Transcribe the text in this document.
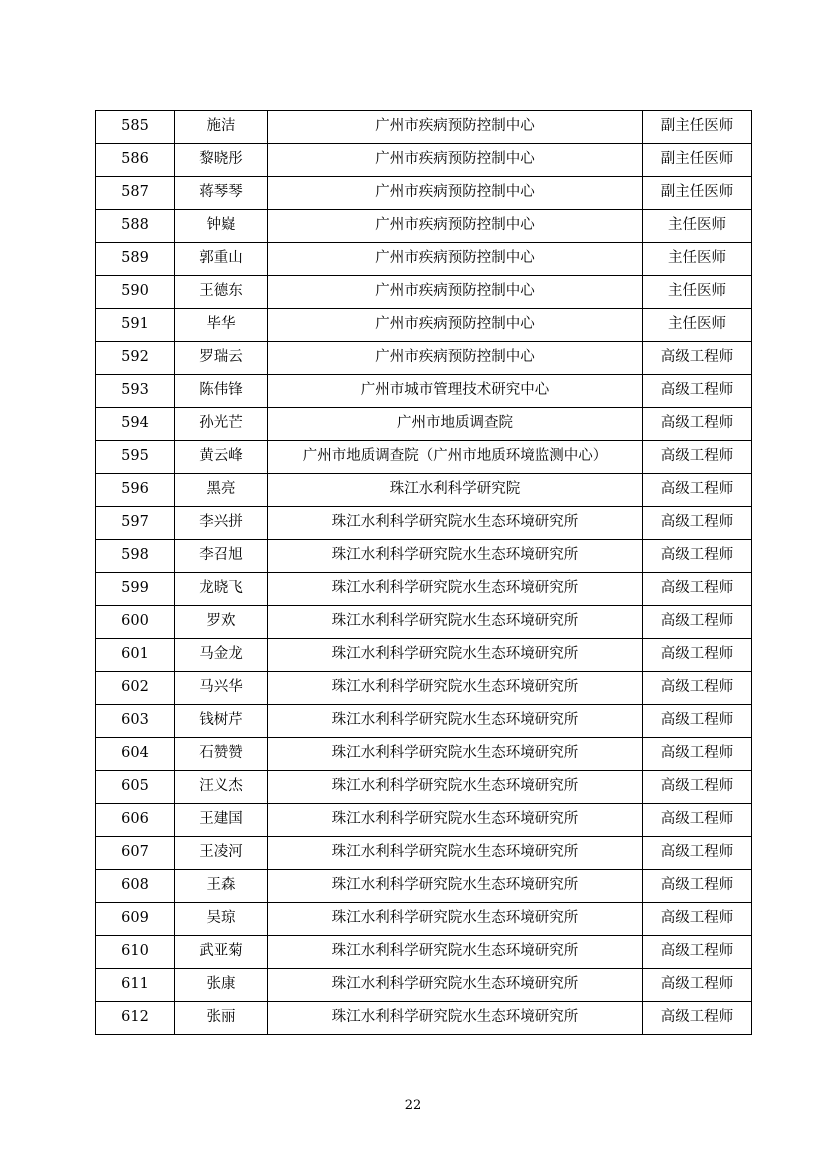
585	施洁	广州市疾病预防控制中心	副主任医师
586	黎晓彤	广州市疾病预防控制中心	副主任医师
587	蒋琴琴	广州市疾病预防控制中心	副主任医师
588	钟嶷	广州市疾病预防控制中心	主任医师
589	郭重山	广州市疾病预防控制中心	主任医师
590	王德东	广州市疾病预防控制中心	主任医师
591	毕华	广州市疾病预防控制中心	主任医师
592	罗瑞云	广州市疾病预防控制中心	高级工程师
593	陈伟锋	广州市城市管理技术研究中心	高级工程师
594	孙光芒	广州市地质调查院	高级工程师
595	黄云峰	广州市地质调查院（广州市地质环境监测中心）	高级工程师
596	黑亮	珠江水利科学研究院	高级工程师
597	李兴拼	珠江水利科学研究院水生态环境研究所	高级工程师
598	李召旭	珠江水利科学研究院水生态环境研究所	高级工程师
599	龙晓飞	珠江水利科学研究院水生态环境研究所	高级工程师
600	罗欢	珠江水利科学研究院水生态环境研究所	高级工程师
601	马金龙	珠江水利科学研究院水生态环境研究所	高级工程师
602	马兴华	珠江水利科学研究院水生态环境研究所	高级工程师
603	钱树芹	珠江水利科学研究院水生态环境研究所	高级工程师
604	石赞赞	珠江水利科学研究院水生态环境研究所	高级工程师
605	汪义杰	珠江水利科学研究院水生态环境研究所	高级工程师
606	王建国	珠江水利科学研究院水生态环境研究所	高级工程师
607	王凌河	珠江水利科学研究院水生态环境研究所	高级工程师
608	王森	珠江水利科学研究院水生态环境研究所	高级工程师
609	吴琼	珠江水利科学研究院水生态环境研究所	高级工程师
610	武亚菊	珠江水利科学研究院水生态环境研究所	高级工程师
611	张康	珠江水利科学研究院水生态环境研究所	高级工程师
612	张丽	珠江水利科学研究院水生态环境研究所	高级工程师
22
